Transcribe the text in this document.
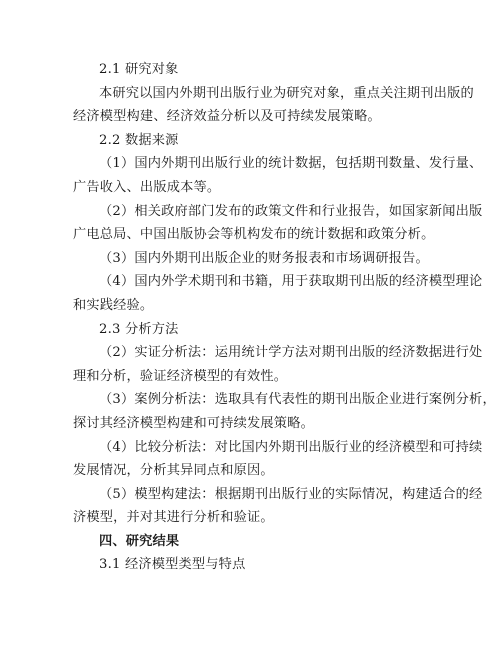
2.1 研究对象
本研究以国内外期刊出版行业为研究对象，重点关注期刊出版的
经济模型构建、经济效益分析以及可持续发展策略。
2.2 数据来源
（1）国内外期刊出版行业的统计数据，包括期刊数量、发行量、
广告收入、出版成本等。
（2）相关政府部门发布的政策文件和行业报告，如国家新闻出版
广电总局、中国出版协会等机构发布的统计数据和政策分析。
（3）国内外期刊出版企业的财务报表和市场调研报告。
（4）国内外学术期刊和书籍，用于获取期刊出版的经济模型理论
和实践经验。
2.3 分析方法
（2）实证分析法：运用统计学方法对期刊出版的经济数据进行处
理和分析，验证经济模型的有效性。
（3）案例分析法：选取具有代表性的期刊出版企业进行案例分析，
探讨其经济模型构建和可持续发展策略。
（4）比较分析法：对比国内外期刊出版行业的经济模型和可持续
发展情况，分析其异同点和原因。
（5）模型构建法：根据期刊出版行业的实际情况，构建适合的经
济模型，并对其进行分析和验证。
四、研究结果
3.1 经济模型类型与特点
